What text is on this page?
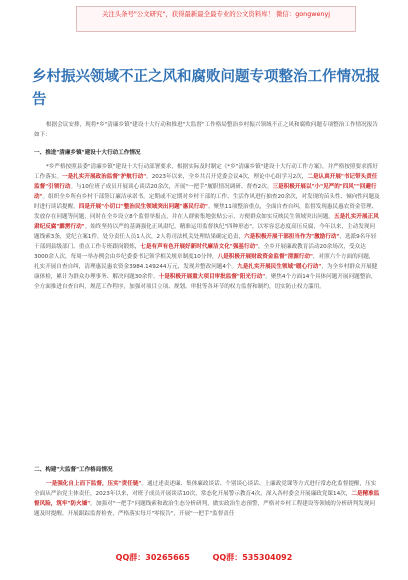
关注头条号"公文研究"，获得最新最全最专业的公文资料库！ 微信：gongwenyj
乡村振兴领域不正之风和腐败问题专项整治工作情况报告

根据会议安排，现将*乡"清廉乡镇"建设十大行动和推进"大监督"工作格局整治乡村振兴领域不正之风和腐败问题专项整治工作情况报告如下：

一、推进"清廉乡镇"建设十大行动工作情况

*乡严格按照县委"清廉乡镇"建设十大行动部署要求，根据实际及时制定《*乡"清廉乡镇"建设十大行动工作方案》，并严格按照要求抓好工作落实。一是扎实开展政治监督"护航行动"。2023年以来，全乡共召开党委会议4次，理论中心组学习2次，二是认真开展"书记带头责任监督"引领行动。与10位班子成员开展谈心谈话20余次，开展"一把手"履职情况调研、督查2次。三是积极开展以"小"见严的"四风""回避行动"。组织全乡所有乡村干部签订廉洁承诺书。定期或不定期对乡村干部的工作、生活作风进行抽查20余次，对发现的苗头性、倾向性问题及时进行谈话提醒。四是开展"小切口"整治民生领域突出问题"惠民行动"。聚焦11项整治重点，全面自查自纠，监督发现惠民惠农资金管理、发放存在问题等问题，同时在全乡设立8个监督举报点，并在人群密集地张贴公示，方便群众如实反映民生领域突出问题。五是扎实开展正风肃纪反腐"霹雳行动"。始终坚持以严的基调强化正风肃纪，精准运用监督执纪"四种形态"，以零容忍态度高压反腐，今年以来，主动发现问题线索3条，党纪立案1件，处分责任人员1人次，2人将司法机关处理结果确定追责，六是积极开展干部担当作为"激励行动"，选派9名年轻干部到县级部门、重点工作专班跟岗锻炼，七是有声有色开展好新时代廉洁文化"强基行动"，全乡开展廉政教育活动20余场次，受众达3000余人次，每周一举办例会由乡纪委委书记领学相关规章制度10分钟，八是积极开展财政资金监督"清源行动"，对照六个方面的问题，扎实开展自查自纠，清理惠民惠农资金3984.149244万元，发现并整改问题4个。九是扎实开展民生领域"暖心行动"，为全乡村群众开展健康体检，累计为群众办理事务、解决问题30余件。十是积极开展重大项目审批监督"阳光行动"。聚焦4个方面14个具体问题开展问题整治，全方面推进自查自纠，规范工作程序，加强对项目立项、规划、审批等各环节的权力监督和制约，切实防止权力滥用。

二、构建"大监督"工作格局情况

一是强化自上而下监督，压实"责任链"。通过述责述廉、集体廉政谈话、个别谈心谈话、上廉政党课等方式进行常态化监督提醒，压实全面从严治党主体责任，2023年以来，对班子成员开展谈话10次，常态化开展警示教育4次，深入各村委会开展廉政党课14次，二是精准监督风险，筑牢"防火墙"。加强对"一把手"问题线索和政治生态分析研判，做实政治生态预警，严格对乡村工程建设等领域的分析研判发现问题及时提醒，开展跟踪监督检查，严格落实每月"零报告"，开展"一把手"监督责任

QQ群：30265665	QQ群：535304092
